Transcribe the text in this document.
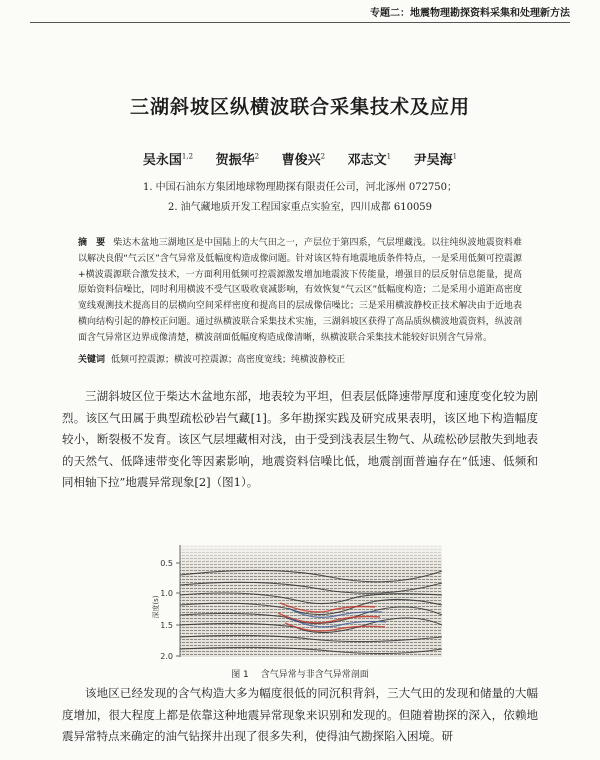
专题二：地震物理勘探资料采集和处理新方法
三湖斜坡区纵横波联合采集技术及应用
吴永国$^{1,2}$ 贺振华$^2$ 曹俊兴$^2$ 邓志文$^1$ 尹吴海$^1$
1. 中国石油东方集团地球物理勘探有限责任公司，河北涿州 072750；
2. 油气藏地质开发工程国家重点实验室，四川成都 610059
摘　要 柴达木盆地三湖地区是中国陆上的大气田之一，产层位于第四系，气层埋藏浅。以往纯纵波地震资料难以解决良假“气云区”含气异常及低幅度构造成像问题。针对该区特有地震地质条件特点，一是采用低频可控震源+横波震源联合激发技术，一方面利用低频可控震源激发增加地震波下传能量，增强目的层反射信息能量，提高原始资料信噪比，同时利用横波不受气区吸收衰减影响，有效恢复“气云区”低幅度构造；二是采用小道距高密度宽线观测技术提高目的层横向空间采样密度和提高目的层成像信噪比；三是采用横波静校正技术解决由于近地表横向结构引起的静校正问题。通过纵横波联合采集技术实施，三湖斜坡区获得了高品质纵横波地震资料，纵波剖面含气异常区边界成像清楚，横波剖面低幅度构造成像清晰，纵横波联合采集技术能较好识别含气异常。
关键词 低频可控震源；横波可控震源；高密度宽线；纯横波静校正
三湖斜坡区位于柴达木盆地东部，地表较为平坦，但表层低降速带厚度和速度变化较为剧烈。该区气田属于典型疏松砂岩气藏[1]。多年勘探实践及研究成果表明，该区地下构造幅度较小，断裂极不发育。该区气层埋藏相对浅，由于受到浅表层生物气、从疏松砂层散失到地表的天然气、低降速带变化等因素影响，地震资料信噪比低，地震剖面普遍存在“低速、低频和同相轴下拉”地震异常现象[2]（图1）。
0.5
1.0
1.5
2.0
深度(s)
图 1 含气异常与非含气异常剖面
该地区已经发现的含气构造大多为幅度很低的同沉积背斜，三大气田的发现和储量的大幅度增加，很大程度上都是依靠这种地震异常现象来识别和发现的。但随着勘探的深入，依赖地震异常特点来确定的油气钻探井出现了很多失利，使得油气勘探陷入困境。研
